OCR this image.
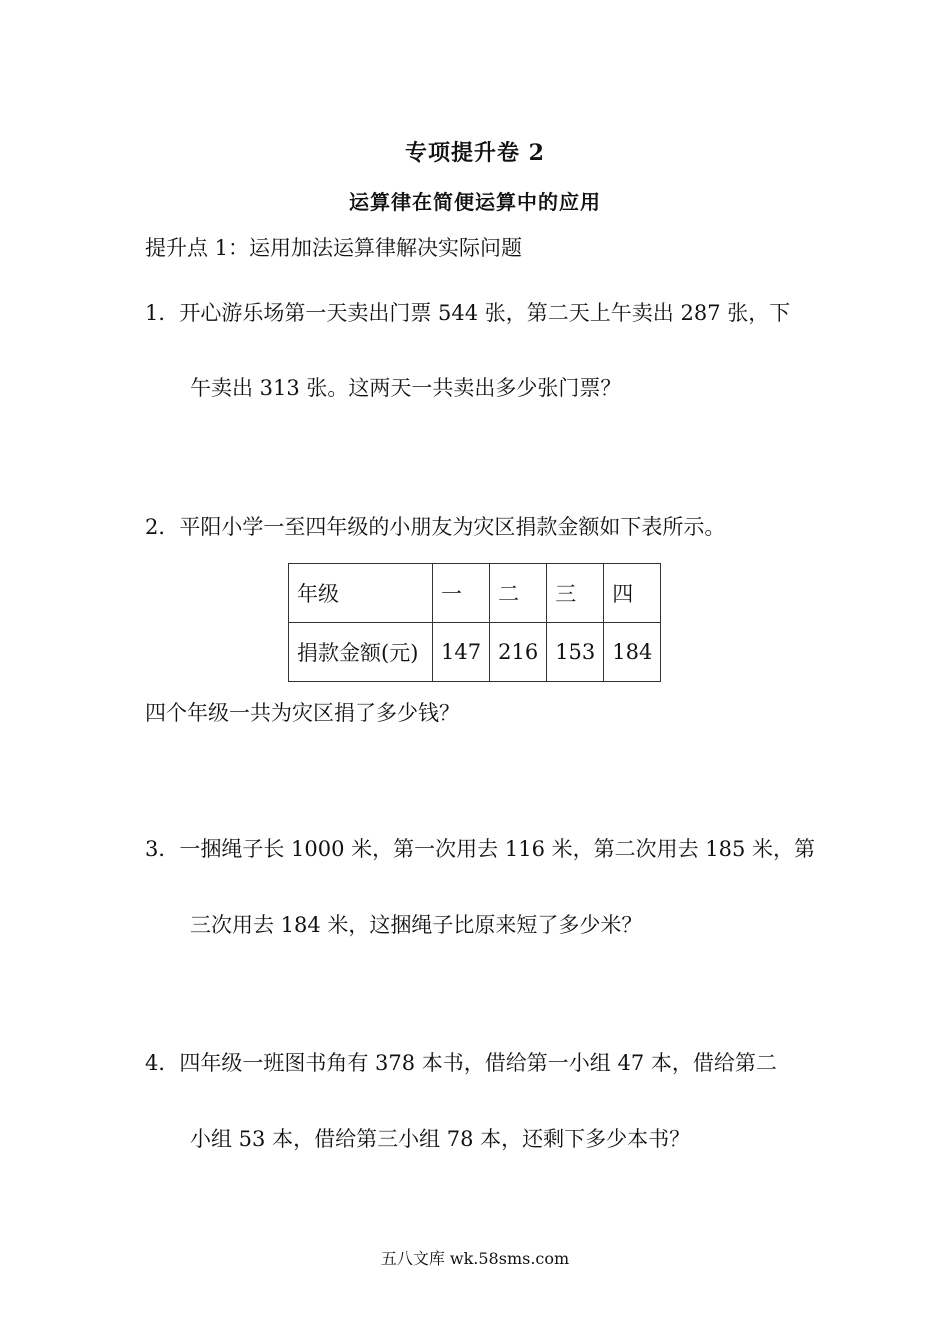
专项提升卷 2
运算律在简便运算中的应用
提升点 1：运用加法运算律解决实际问题
1．开心游乐场第一天卖出门票 544 张，第二天上午卖出 287 张，下
午卖出 313 张。这两天一共卖出多少张门票？
2．平阳小学一至四年级的小朋友为灾区捐款金额如下表所示。
年级	一	二	三	四
捐款金额(元)	147	216	153	184
四个年级一共为灾区捐了多少钱？
3．一捆绳子长 1000 米，第一次用去 116 米，第二次用去 185 米，第
三次用去 184 米，这捆绳子比原来短了多少米？
4．四年级一班图书角有 378 本书，借给第一小组 47 本，借给第二
小组 53 本，借给第三小组 78 本，还剩下多少本书？
五八文库 wk.58sms.com
